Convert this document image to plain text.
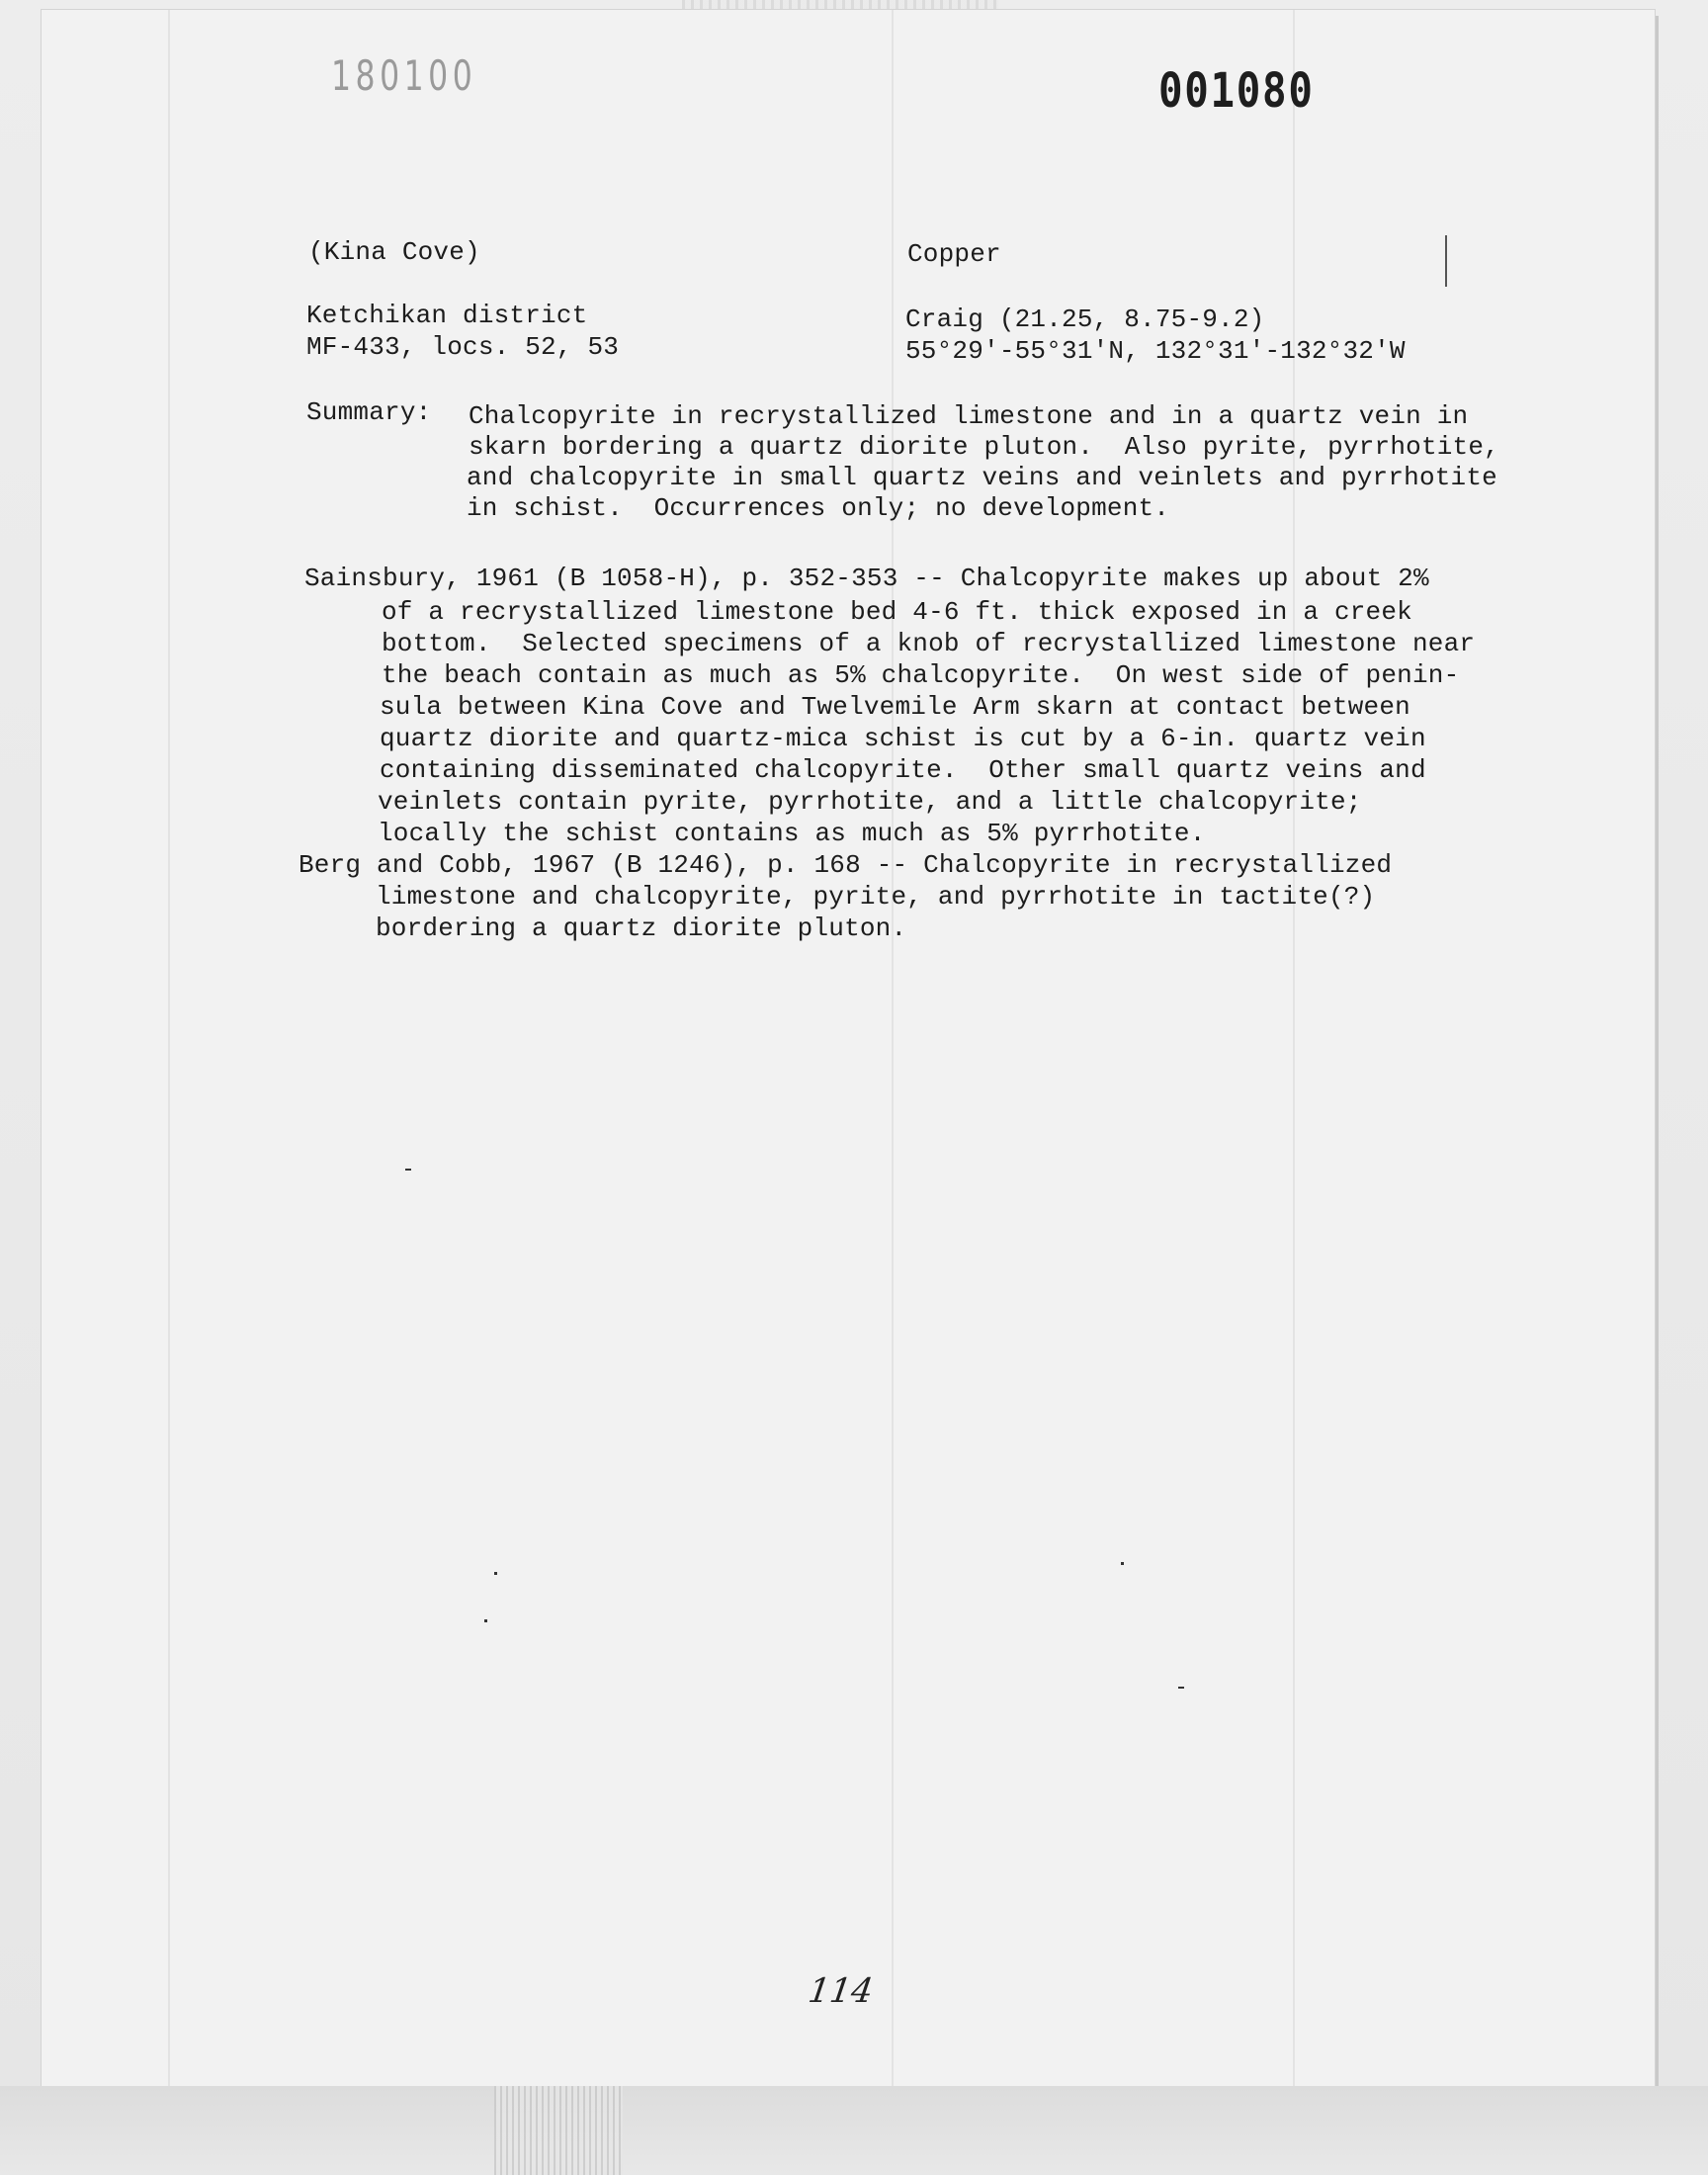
180100	001080
(Kina Cove)	Copper
Ketchikan district	Craig (21.25, 8.75-9.2)
MF-433, locs. 52, 53	55°29'-55°31'N, 132°31'-132°32'W
Summary: Chalcopyrite in recrystallized limestone and in a quartz vein in
skarn bordering a quartz diorite pluton.  Also pyrite, pyrrhotite,
and chalcopyrite in small quartz veins and veinlets and pyrrhotite
in schist.  Occurrences only; no development.
Sainsbury, 1961 (B 1058-H), p. 352-353 -- Chalcopyrite makes up about 2%
of a recrystallized limestone bed 4-6 ft. thick exposed in a creek
bottom.  Selected specimens of a knob of recrystallized limestone near
the beach contain as much as 5% chalcopyrite.  On west side of penin-
sula between Kina Cove and Twelvemile Arm skarn at contact between
quartz diorite and quartz-mica schist is cut by a 6-in. quartz vein
containing disseminated chalcopyrite.  Other small quartz veins and
veinlets contain pyrite, pyrrhotite, and a little chalcopyrite;
locally the schist contains as much as 5% pyrrhotite.
Berg and Cobb, 1967 (B 1246), p. 168 -- Chalcopyrite in recrystallized
limestone and chalcopyrite, pyrite, and pyrrhotite in tactite(?)
bordering a quartz diorite pluton.
114
